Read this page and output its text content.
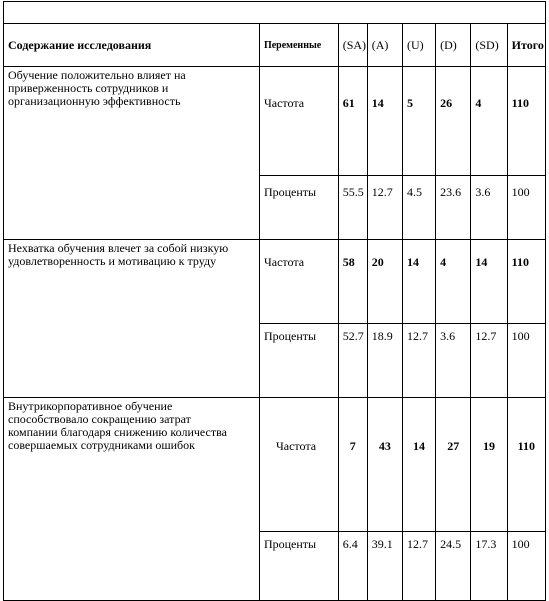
Содержание исследования	Переменные	(SA)	(A)	(U)	(D)	(SD)	Итого

Обучение положительно влияет на
приверженность сотрудников и
организационную эффективность	Частота	61	14	5	26	4	110
	Проценты	55.5	12.7	4.5	23.6	3.6	100

Нехватка обучения влечет за собой низкую
удовлетворенность и мотивацию к труду	Частота	58	20	14	4	14	110
	Проценты	52.7	18.9	12.7	3.6	12.7	100

Внутрикорпоративное обучение
способствовало сокращению затрат
компании благодаря снижению количества
совершаемых сотрудниками ошибок	Частота	7	43	14	27	19	110
	Проценты	6.4	39.1	12.7	24.5	17.3	100
